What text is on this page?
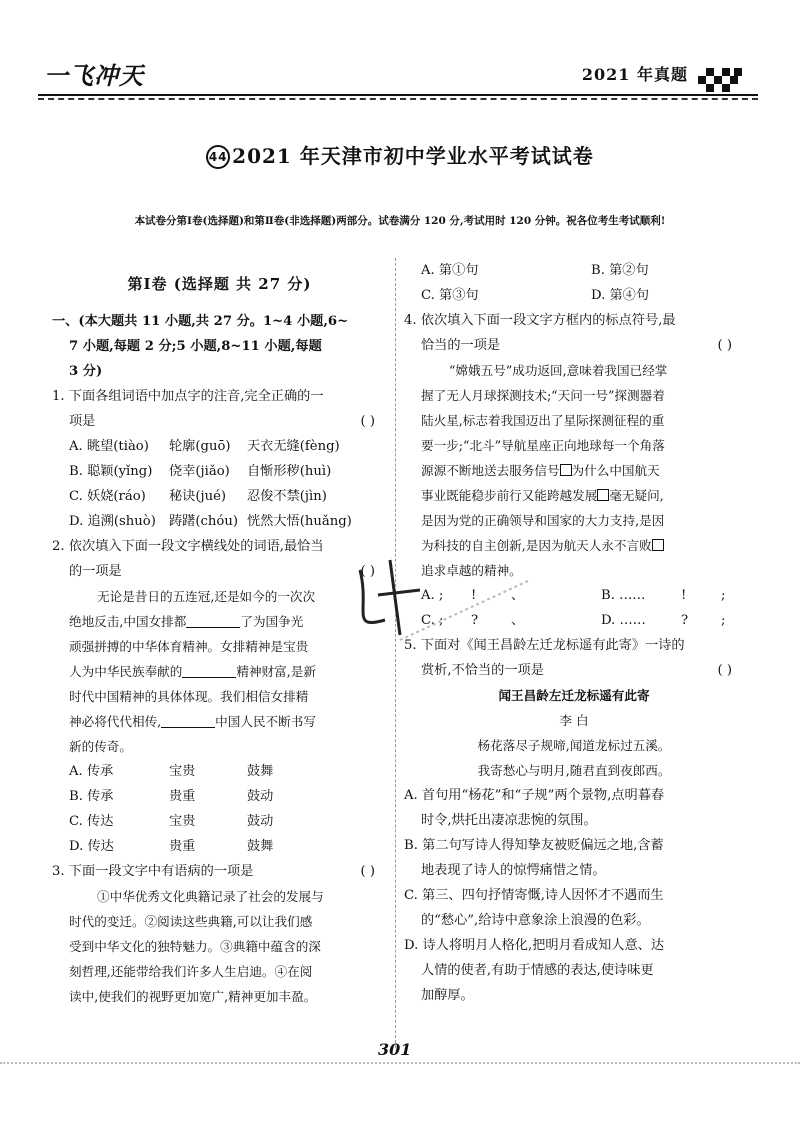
一飞冲天	2021 年真题
44 2021 年天津市初中学业水平考试试卷
本试卷分第Ⅰ卷(选择题)和第Ⅱ卷(非选择题)两部分。试卷满分 120 分,考试用时 120 分钟。祝各位考生考试顺利!
第Ⅰ卷 (选择题 共 27 分)

一、(本大题共 11 小题,共 27 分。1~4 小题,6~

7 小题,每题 2 分;5 小题,8~11 小题,每题

3 分)

1. 下面各组词语中加点字的注音,完全正确的一

项是	( )

A. 眺望(tiào)	轮廓(guō)	天衣无缝(fèng)
B. 聪颖(yǐng)	侥幸(jiǎo)	自惭形秽(huì)
C. 妖娆(ráo)	秘诀(jué)	忍俊不禁(jìn)
D. 追溯(shuò) 踌躇(chóu) 恍然大悟(huǎng)

2. 依次填入下面一段文字横线处的词语,最恰当

的一项是	( )

无论是昔日的五连冠,还是如今的一次次

绝地反击,中国女排都	了为国争光

顽强拼搏的中华体育精神。女排精神是宝贵

人为中华民族奉献的	精神财富,是新

时代中国精神的具体体现。我们相信女排精

神必将代代相传,	中国人民不断书写

新的传奇。

A. 传承	宝贵	鼓舞
B. 传承	贵重	鼓动
C. 传达	宝贵	鼓动
D. 传达	贵重	鼓舞

3. 下面一段文字中有语病的一项是	( )

①中华优秀文化典籍记录了社会的发展与

时代的变迁。②阅读这些典籍,可以让我们感

受到中华文化的独特魅力。③典籍中蕴含的深

刻哲理,还能带给我们许多人生启迪。④在阅

读中,使我们的视野更加宽广,精神更加丰盈。

A. 第①句	B. 第②句
C. 第③句	D. 第④句

4. 依次填入下面一段文字方框内的标点符号,最

恰当的一项是	( )

“嫦娥五号”成功返回,意味着我国已经掌

握了无人月球探测技术;“天问一号”探测器着

陆火星,标志着我国迈出了星际探测征程的重

要一步;“北斗”导航星座正向地球每一个角落

源源不断地送去服务信号 为什么中国航天

事业既能稳步前行又能跨越发展 毫无疑问,

是因为党的正确领导和国家的大力支持,是因

为科技的自主创新,是因为航天人永不言败

追求卓越的精神。

A. ;	!	、	B. ……	!	;
C. ;	?	、	D. ……	?	;

5. 下面对《闻王昌龄左迁龙标遥有此寄》一诗的

赏析,不恰当的一项是	( )

闻王昌龄左迁龙标遥有此寄

李 白

杨花落尽子规啼,闻道龙标过五溪。

我寄愁心与明月,随君直到夜郎西。

A. 首句用“杨花”和“子规”两个景物,点明暮春

时令,烘托出凄凉悲惋的氛围。

B. 第二句写诗人得知挚友被贬偏远之地,含蓄

地表现了诗人的惊愕痛惜之情。

C. 第三、四句抒情寄慨,诗人因怀才不遇而生

的“愁心”,给诗中意象涂上浪漫的色彩。

D. 诗人将明月人格化,把明月看成知人意、达

人情的使者,有助于情感的表达,使诗味更

加醇厚。

301
